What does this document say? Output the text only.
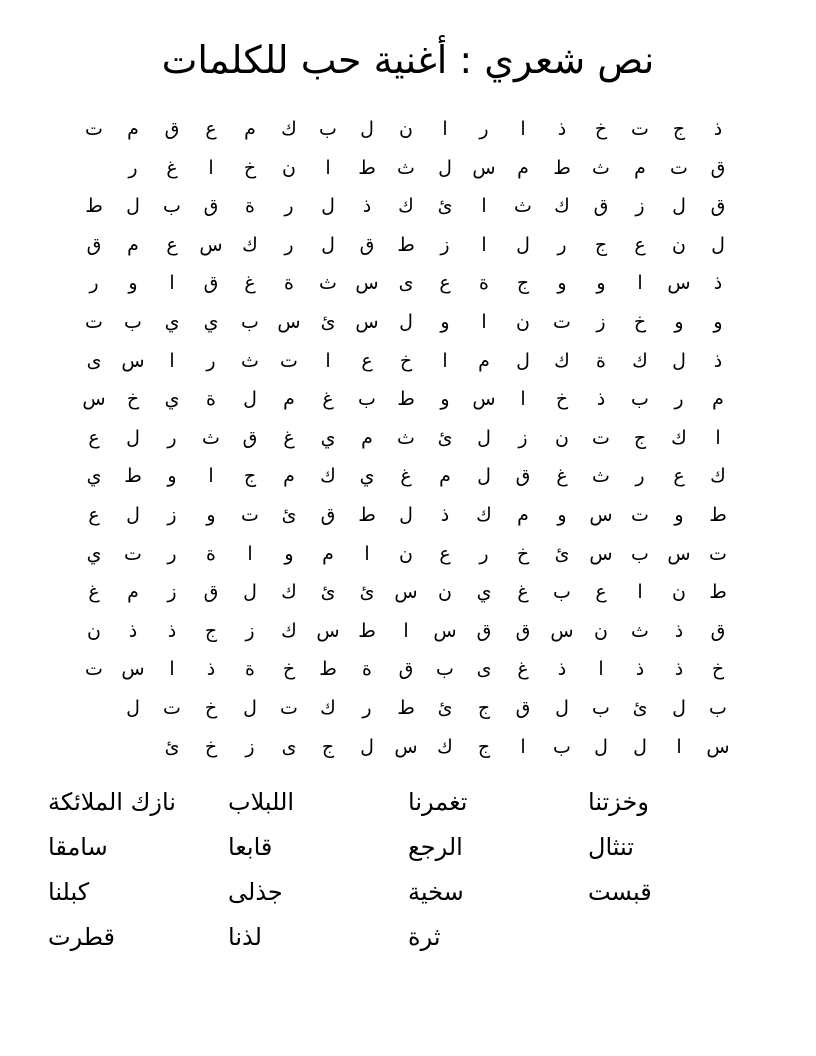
نص شعري : أغنية حب للكلمات
ذ
ج
ت
خ
ذ
ا
ر
ا
ن
ل
ب
ك
م
ع
ق
م
ت
ق
ت
م
ث
ط
م
س
ل
ث
ط
ا
ن
خ
ا
غ
ر
ق
ل
ز
ق
ك
ث
ا
ئ
ك
ذ
ل
ر
ة
ق
ب
ل
ط
ل
ن
ع
ج
ر
ل
ا
ز
ط
ق
ل
ر
ك
س
ع
م
ق
ذ
س
ا
و
و
ج
ة
ع
ى
س
ث
ة
غ
ق
ا
و
ر
و
و
خ
ز
ت
ن
ا
و
ل
س
ئ
س
ب
ي
ي
ب
ت
ذ
ل
ك
ة
ك
ل
م
ا
خ
ع
ا
ت
ث
ر
ا
س
ى
م
ر
ب
ذ
خ
ا
س
و
ط
ب
غ
م
ل
ة
ي
خ
س
ا
ك
ج
ت
ن
ز
ل
ئ
ث
م
ي
غ
ق
ث
ر
ل
ع
ك
ع
ر
ث
غ
ق
ل
م
غ
ي
ك
م
ج
ا
و
ط
ي
ط
و
ت
س
و
م
ك
ذ
ل
ط
ق
ئ
ت
و
ز
ل
ع
ت
س
ب
س
ئ
خ
ر
ع
ن
ا
م
و
ا
ة
ر
ت
ي
ط
ن
ا
ع
ب
غ
ي
ن
س
ئ
ئ
ك
ل
ق
ز
م
غ
ق
ذ
ث
ن
س
ق
ق
س
ا
ط
س
ك
ز
ج
ذ
ذ
ن
خ
ذ
ذ
ا
ذ
غ
ى
ب
ق
ة
ط
خ
ة
ذ
ا
س
ت
ب
ل
ئ
ب
ل
ق
ج
ئ
ط
ر
ك
ت
ل
خ
ت
ل
س
ا
ل
ل
ب
ا
ج
ك
س
ل
ج
ى
ز
خ
ئ
وخزتنا
تغمرنا
اللبلاب
نازك الملائكة
تنثال
الرجع
قابعا
سامقا
قبست
سخية
جذلى
كبلنا
ثرة
لذنا
قطرت
